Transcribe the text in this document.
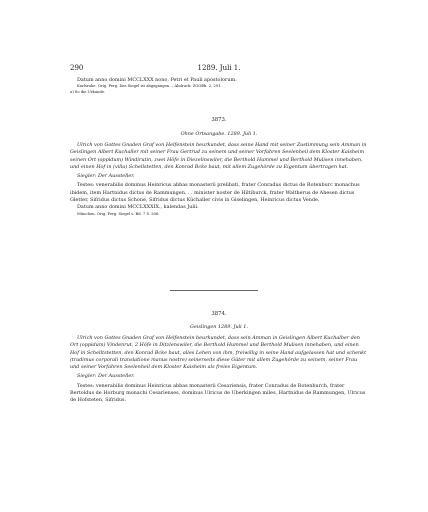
290	1289. Juli 1.

Datum anno domini MCCLXXX nono, Petri et Pauli apostolorum.

Karlsruhe. Orig. Perg. Das Siegel ist abgegangen. – Abdruck: ZGOBh. 2, 291.

a) So die Urkunde.

3873.
Ohne Ortsangabe. 1289. Juli 1.

Ulrich von Gottes Gnaden Graf von Helfenstein beurkundet, dass seine Hand mit seiner Zustimmung sein Amman in Geislingen Albert Kuchaller mit seiner Frau Gertrud zu seinem und seiner Vorfahren Seelenheil dem Kloster Kaisheim seinen Ort (oppidum) Windirutin, zwei Höfe in Diezelinswiler, die Berthold Hummel und Berthold Mulisen innehaben, und einen Hof in (villa) Schellstetten, den Konrad Bcke baut, mit allem Zugehörde zu Eigentum übertragen hat.

Siegler: Der Aussteller.

Testes: venerabilis dominus Heinricus abbas monasterii prelibati, frater Conradus dictus de Rotenburc monachus ibidem, item Hartnidus dictus de Rammungen, . . minister noster de Hiltiburck, frater Waltherus de Ahesen dictus Gletter, Sifridus dictus Schone, Sifridus dictus Küchaller civis in Giselingen, Heinricus dictus Vende.

Datum anno domini MCCLXXXIX., kalendas Julii.

München. Orig. Perg. Siegel s. Bd. 7 S. 206.

3874.
Geislingen 1289. Juli 1.

Ulrich von Gottes Gnaden Graf von Helfenstein beurkundet, dass sein Amman in Geislingen Albert Kuchalber den Ort (oppidum) Vindenrut, 2 Höfe in Ditzlenswiler, die Berthold Hummel und Berthold Mulisen innehaben, und einen Hof in Schelltstetten, den Konrad Bcke baut, alles Lehen von ihm, freiwillig in seine Hand aufgelassen hat und schenkt (tradimus corporali translatione manus nostre) seinerseits diese Güter mit allem Zugehörde zu seinem, seiner Frau und seiner Vorfahren Seelenheil dem Kloster Kaisheim als freies Eigentum.

Siegler: Der Aussteller.

Testes: venerabilis dominus Heinricus abbas monasterii Cesariensis, frater Conradus de Rotenburch, frater Bertoldus de Horburg monachi Cesarienses, dominus Ulricus de Uberkingen miles, Hartnidus de Rammungen, Ulricus de Hofsteten, Sifridus.
